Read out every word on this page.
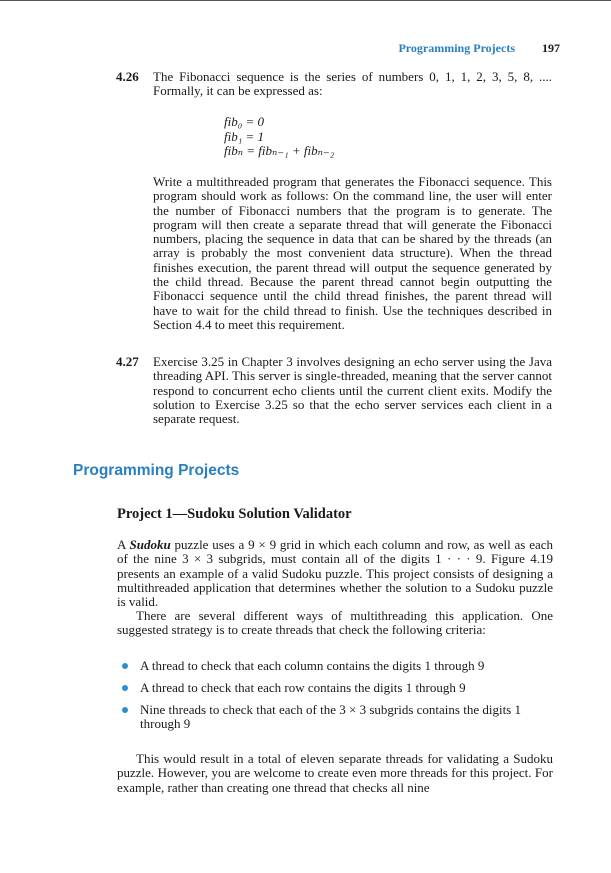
Programming Projects 197
4.26 The Fibonacci sequence is the series of numbers 0, 1, 1, 2, 3, 5, 8, .... Formally, it can be expressed as:

fib₀ = 0
fib₁ = 1
fibₙ = fibₙ₋₁ + fibₙ₋₂

Write a multithreaded program that generates the Fibonacci sequence. This program should work as follows: On the command line, the user will enter the number of Fibonacci numbers that the program is to generate. The program will then create a separate thread that will generate the Fibonacci numbers, placing the sequence in data that can be shared by the threads (an array is probably the most convenient data structure). When the thread finishes execution, the parent thread will output the sequence generated by the child thread. Because the parent thread cannot begin outputting the Fibonacci sequence until the child thread finishes, the parent thread will have to wait for the child thread to finish. Use the techniques described in Section 4.4 to meet this requirement.

4.27 Exercise 3.25 in Chapter 3 involves designing an echo server using the Java threading API. This server is single-threaded, meaning that the server cannot respond to concurrent echo clients until the current client exits. Modify the solution to Exercise 3.25 so that the echo server services each client in a separate request.

Programming Projects
Project 1—Sudoku Solution Validator

A Sudoku puzzle uses a 9 × 9 grid in which each column and row, as well as each of the nine 3 × 3 subgrids, must contain all of the digits 1 · · · 9. Figure 4.19 presents an example of a valid Sudoku puzzle. This project consists of designing a multithreaded application that determines whether the solution to a Sudoku puzzle is valid.

There are several different ways of multithreading this application. One suggested strategy is to create threads that check the following criteria:

A thread to check that each column contains the digits 1 through 9
A thread to check that each row contains the digits 1 through 9
Nine threads to check that each of the 3 × 3 subgrids contains the digits 1 through 9

This would result in a total of eleven separate threads for validating a Sudoku puzzle. However, you are welcome to create even more threads for this project. For example, rather than creating one thread that checks all nine
